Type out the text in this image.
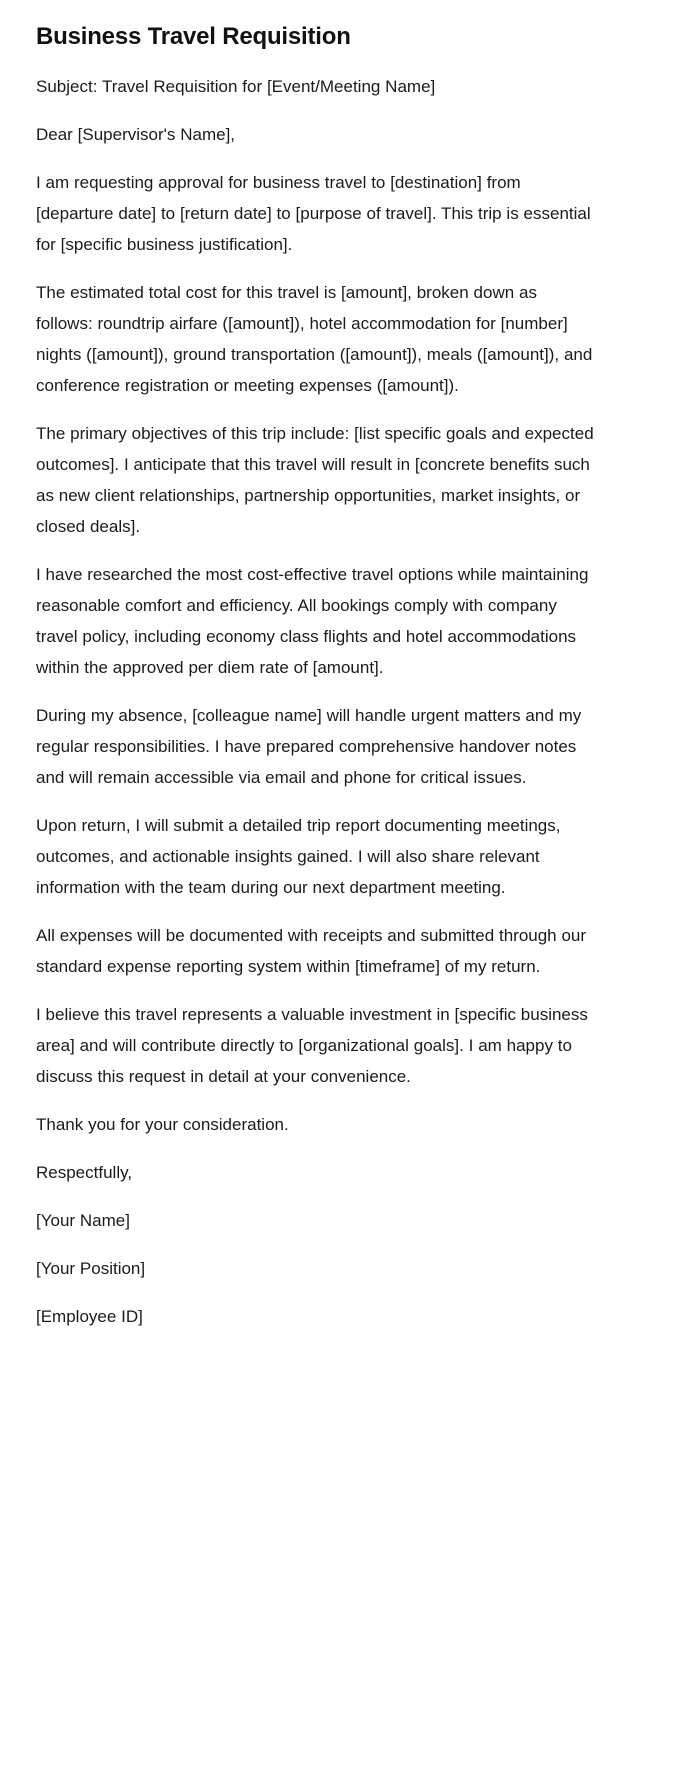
Business Travel Requisition

Subject: Travel Requisition for [Event/Meeting Name]

Dear [Supervisor's Name],

I am requesting approval for business travel to [destination] from [departure date] to [return date] to [purpose of travel]. This trip is essential for [specific business justification].

The estimated total cost for this travel is [amount], broken down as follows: roundtrip airfare ([amount]), hotel accommodation for [number] nights ([amount]), ground transportation ([amount]), meals ([amount]), and conference registration or meeting expenses ([amount]).

The primary objectives of this trip include: [list specific goals and expected outcomes]. I anticipate that this travel will result in [concrete benefits such as new client relationships, partnership opportunities, market insights, or closed deals].

I have researched the most cost-effective travel options while maintaining reasonable comfort and efficiency. All bookings comply with company travel policy, including economy class flights and hotel accommodations within the approved per diem rate of [amount].

During my absence, [colleague name] will handle urgent matters and my regular responsibilities. I have prepared comprehensive handover notes and will remain accessible via email and phone for critical issues.

Upon return, I will submit a detailed trip report documenting meetings, outcomes, and actionable insights gained. I will also share relevant information with the team during our next department meeting.

All expenses will be documented with receipts and submitted through our standard expense reporting system within [timeframe] of my return.

I believe this travel represents a valuable investment in [specific business area] and will contribute directly to [organizational goals]. I am happy to discuss this request in detail at your convenience.

Thank you for your consideration.

Respectfully,

[Your Name]

[Your Position]

[Employee ID]
